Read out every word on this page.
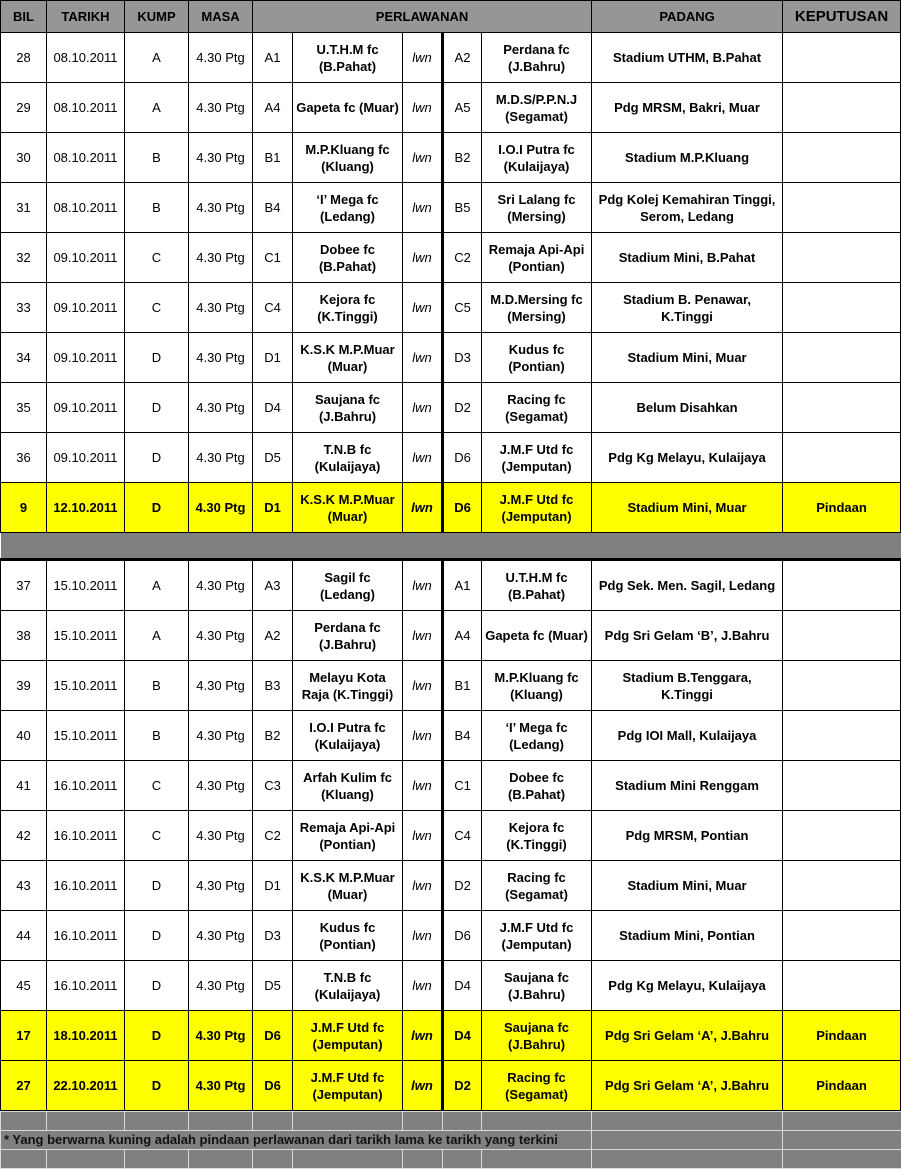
BIL	TARIKH	KUMP	MASA	PERLAWANAN					PADANG	KEPUTUSAN
28	08.10.2011	A	4.30 Ptg	A1	U.T.H.M fc
(B.Pahat)	lwn	A2	Perdana fc
(J.Bahru)	Stadium UTHM, B.Pahat	
29	08.10.2011	A	4.30 Ptg	A4	Gapeta fc (Muar)	lwn	A5	M.D.S/P.P.N.J
(Segamat)	Pdg MRSM, Bakri, Muar	
30	08.10.2011	B	4.30 Ptg	B1	M.P.Kluang fc
(Kluang)	lwn	B2	I.O.I Putra fc
(Kulaijaya)	Stadium M.P.Kluang	
31	08.10.2011	B	4.30 Ptg	B4	‘I’ Mega fc
(Ledang)	lwn	B5	Sri Lalang fc
(Mersing)	Pdg Kolej Kemahiran Tinggi,
Serom, Ledang	
32	09.10.2011	C	4.30 Ptg	C1	Dobee fc
(B.Pahat)	lwn	C2	Remaja Api-Api
(Pontian)	Stadium Mini, B.Pahat	
33	09.10.2011	C	4.30 Ptg	C4	Kejora fc
(K.Tinggi)	lwn	C5	M.D.Mersing fc
(Mersing)	Stadium B. Penawar,
K.Tinggi	
34	09.10.2011	D	4.30 Ptg	D1	K.S.K M.P.Muar
(Muar)	lwn	D3	Kudus fc
(Pontian)	Stadium Mini, Muar	
35	09.10.2011	D	4.30 Ptg	D4	Saujana fc
(J.Bahru)	lwn	D2	Racing fc
(Segamat)	Belum Disahkan	
36	09.10.2011	D	4.30 Ptg	D5	T.N.B fc
(Kulaijaya)	lwn	D6	J.M.F Utd fc
(Jemputan)	Pdg Kg Melayu, Kulaijaya	
9	12.10.2011	D	4.30 Ptg	D1	K.S.K M.P.Muar
(Muar)	lwn	D6	J.M.F Utd fc
(Jemputan)	Stadium Mini, Muar	Pindaan

37	15.10.2011	A	4.30 Ptg	A3	Sagil fc
(Ledang)	lwn	A1	U.T.H.M fc
(B.Pahat)	Pdg Sek. Men. Sagil, Ledang	
38	15.10.2011	A	4.30 Ptg	A2	Perdana fc
(J.Bahru)	lwn	A4	Gapeta fc (Muar)	Pdg Sri Gelam ‘B’, J.Bahru	
39	15.10.2011	B	4.30 Ptg	B3	Melayu Kota
Raja (K.Tinggi)	lwn	B1	M.P.Kluang fc
(Kluang)	Stadium B.Tenggara,
K.Tinggi	
40	15.10.2011	B	4.30 Ptg	B2	I.O.I Putra fc
(Kulaijaya)	lwn	B4	‘I’ Mega fc
(Ledang)	Pdg IOI Mall, Kulaijaya	
41	16.10.2011	C	4.30 Ptg	C3	Arfah Kulim fc
(Kluang)	lwn	C1	Dobee fc
(B.Pahat)	Stadium Mini Renggam	
42	16.10.2011	C	4.30 Ptg	C2	Remaja Api-Api
(Pontian)	lwn	C4	Kejora fc
(K.Tinggi)	Pdg MRSM, Pontian	
43	16.10.2011	D	4.30 Ptg	D1	K.S.K M.P.Muar
(Muar)	lwn	D2	Racing fc
(Segamat)	Stadium Mini, Muar	
44	16.10.2011	D	4.30 Ptg	D3	Kudus fc
(Pontian)	lwn	D6	J.M.F Utd fc
(Jemputan)	Stadium Mini, Pontian	
45	16.10.2011	D	4.30 Ptg	D5	T.N.B fc
(Kulaijaya)	lwn	D4	Saujana fc
(J.Bahru)	Pdg Kg Melayu, Kulaijaya	
17	18.10.2011	D	4.30 Ptg	D6	J.M.F Utd fc
(Jemputan)	lwn	D4	Saujana fc
(J.Bahru)	Pdg Sri Gelam ‘A’, J.Bahru	Pindaan
27	22.10.2011	D	4.30 Ptg	D6	J.M.F Utd fc
(Jemputan)	lwn	D2	Racing fc
(Segamat)	Pdg Sri Gelam ‘A’, J.Bahru	Pindaan

* Yang berwarna kuning adalah pindaan perlawanan dari tarikh lama ke tarikh yang terkini										
